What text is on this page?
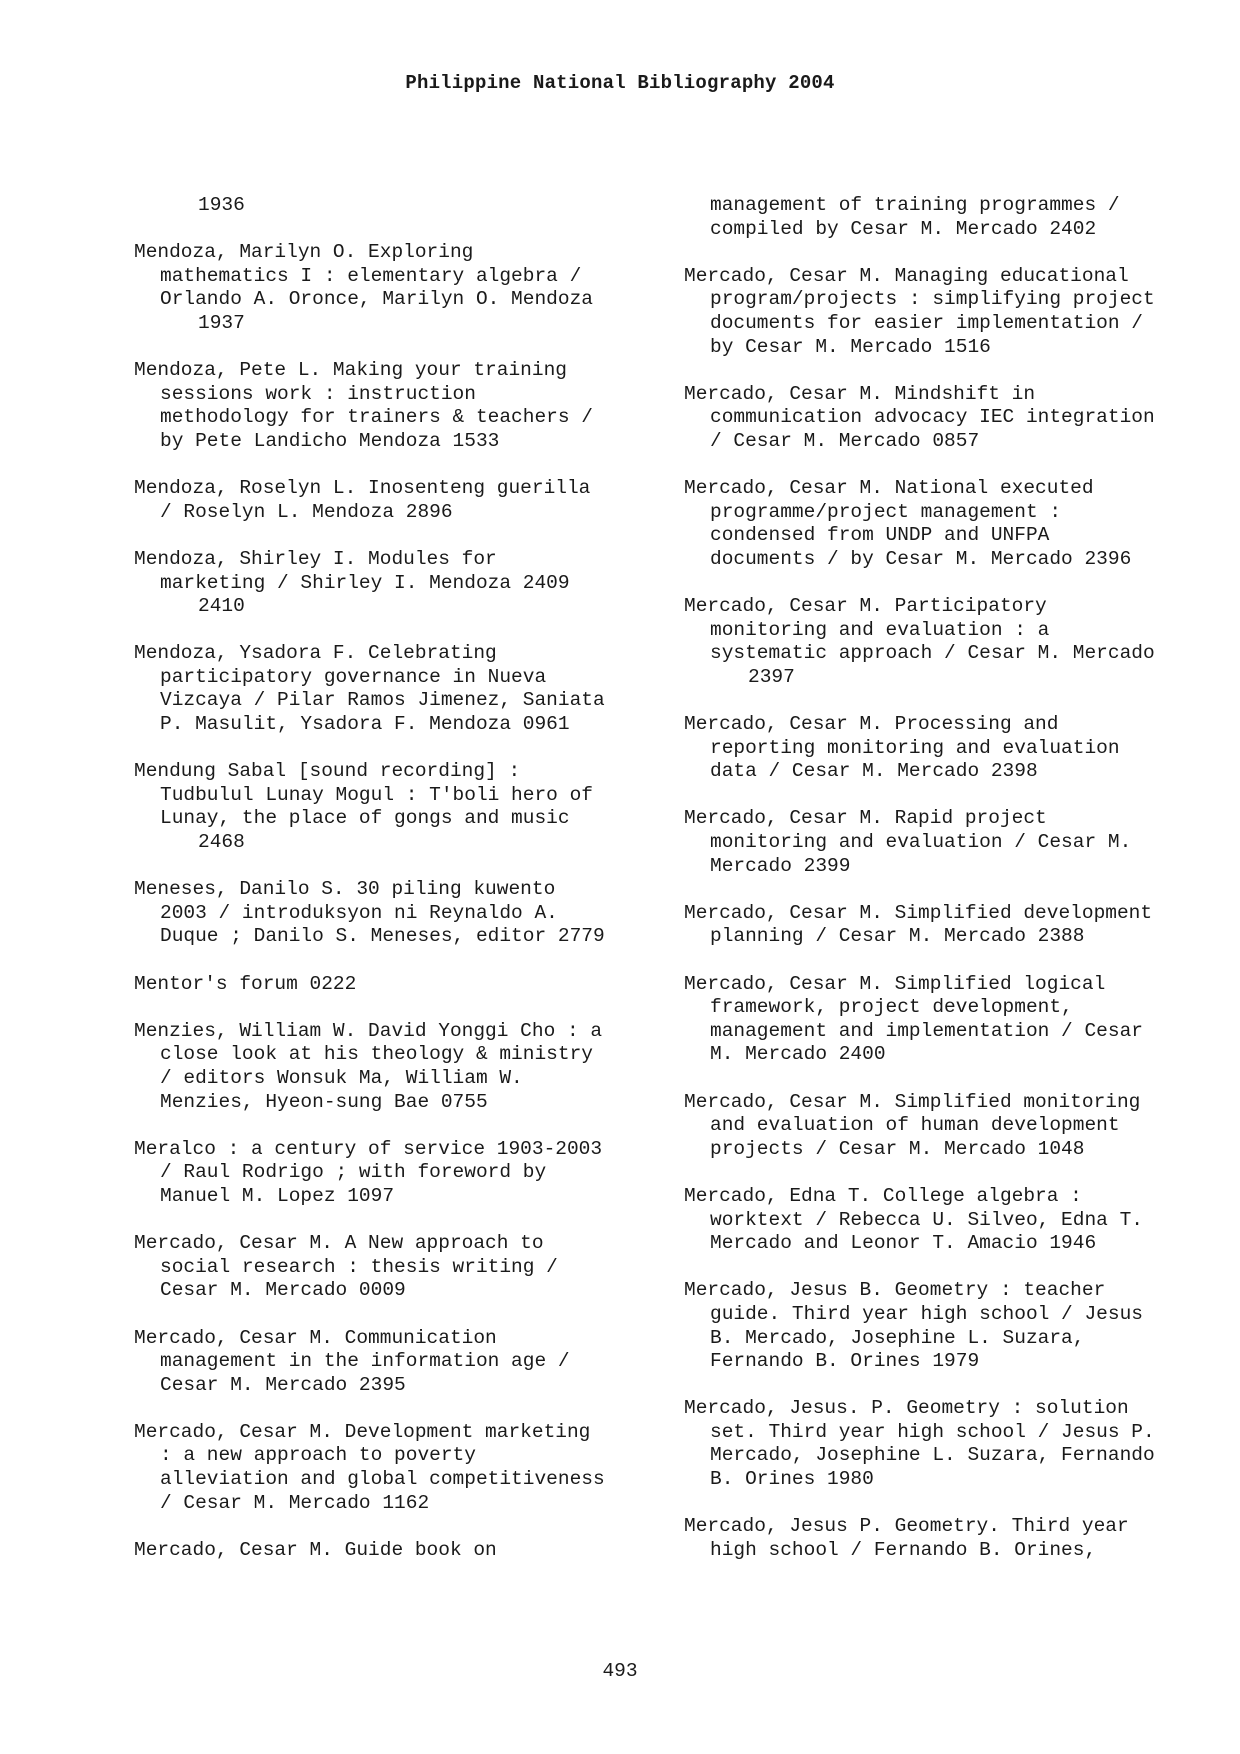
Philippine National Bibliography 2004
1936
Mendoza, Marilyn O. Exploring
mathematics I : elementary algebra /
Orlando A. Oronce, Marilyn O. Mendoza
1937
Mendoza, Pete L. Making your training
sessions work : instruction
methodology for trainers & teachers /
by Pete Landicho Mendoza 1533
Mendoza, Roselyn L. Inosenteng guerilla
/ Roselyn L. Mendoza 2896
Mendoza, Shirley I. Modules for
marketing / Shirley I. Mendoza 2409
2410
Mendoza, Ysadora F. Celebrating
participatory governance in Nueva
Vizcaya / Pilar Ramos Jimenez, Saniata
P. Masulit, Ysadora F. Mendoza 0961
Mendung Sabal [sound recording] :
Tudbulul Lunay Mogul : T'boli hero of
Lunay, the place of gongs and music
2468
Meneses, Danilo S. 30 piling kuwento
2003 / introduksyon ni Reynaldo A.
Duque ; Danilo S. Meneses, editor 2779
Mentor's forum 0222
Menzies, William W. David Yonggi Cho : a
close look at his theology & ministry
/ editors Wonsuk Ma, William W.
Menzies, Hyeon-sung Bae 0755
Meralco : a century of service 1903-2003
/ Raul Rodrigo ; with foreword by
Manuel M. Lopez 1097
Mercado, Cesar M. A New approach to
social research : thesis writing /
Cesar M. Mercado 0009
Mercado, Cesar M. Communication
management in the information age /
Cesar M. Mercado 2395
Mercado, Cesar M. Development marketing
: a new approach to poverty
alleviation and global competitiveness
/ Cesar M. Mercado 1162
Mercado, Cesar M. Guide book on
management of training programmes /
compiled by Cesar M. Mercado 2402
Mercado, Cesar M. Managing educational
program/projects : simplifying project
documents for easier implementation /
by Cesar M. Mercado 1516
Mercado, Cesar M. Mindshift in
communication advocacy IEC integration
/ Cesar M. Mercado 0857
Mercado, Cesar M. National executed
programme/project management :
condensed from UNDP and UNFPA
documents / by Cesar M. Mercado 2396
Mercado, Cesar M. Participatory
monitoring and evaluation : a
systematic approach / Cesar M. Mercado
2397
Mercado, Cesar M. Processing and
reporting monitoring and evaluation
data / Cesar M. Mercado 2398
Mercado, Cesar M. Rapid project
monitoring and evaluation / Cesar M.
Mercado 2399
Mercado, Cesar M. Simplified development
planning / Cesar M. Mercado 2388
Mercado, Cesar M. Simplified logical
framework, project development,
management and implementation / Cesar
M. Mercado 2400
Mercado, Cesar M. Simplified monitoring
and evaluation of human development
projects / Cesar M. Mercado 1048
Mercado, Edna T. College algebra :
worktext / Rebecca U. Silveo, Edna T.
Mercado and Leonor T. Amacio 1946
Mercado, Jesus B. Geometry : teacher
guide. Third year high school / Jesus
B. Mercado, Josephine L. Suzara,
Fernando B. Orines 1979
Mercado, Jesus. P. Geometry : solution
set. Third year high school / Jesus P.
Mercado, Josephine L. Suzara, Fernando
B. Orines 1980
Mercado, Jesus P. Geometry. Third year
high school / Fernando B. Orines,
493
